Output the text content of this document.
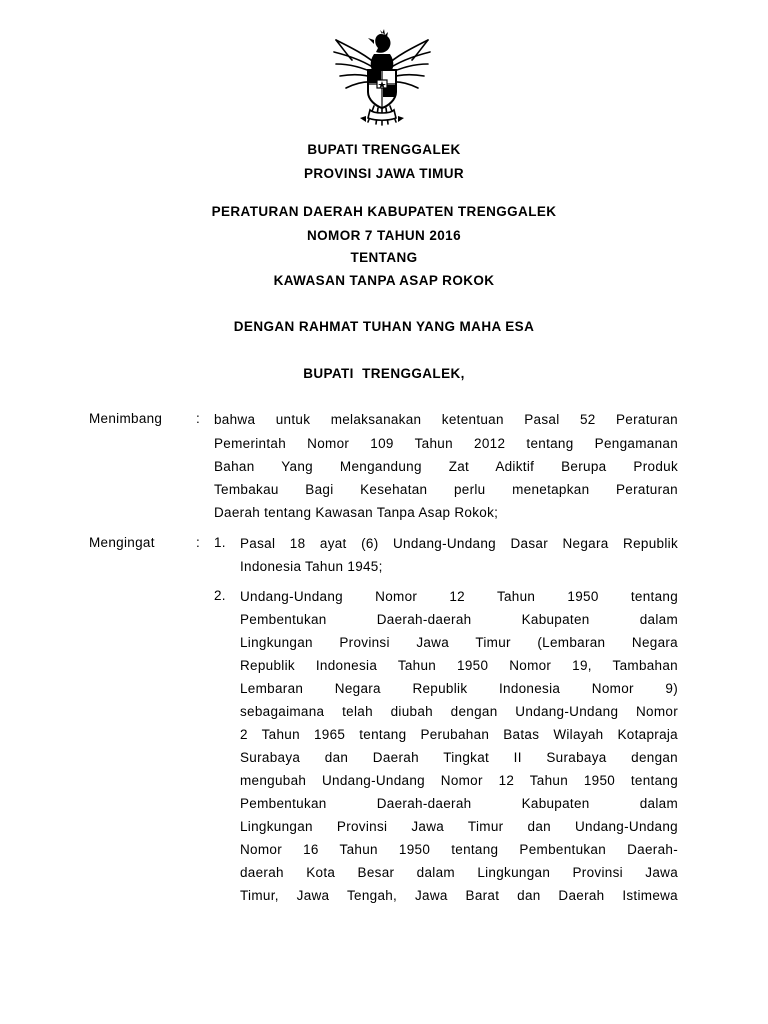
BUPATI TRENGGALEK
PROVINSI JAWA TIMUR
PERATURAN DAERAH KABUPATEN TRENGGALEK
NOMOR 7 TAHUN 2016
TENTANG
KAWASAN TANPA ASAP ROKOK
DENGAN RAHMAT TUHAN YANG MAHA ESA
BUPATI  TRENGGALEK,
Menimbang	: bahwa untuk melaksanakan ketentuan Pasal 52 Peraturan
Pemerintah Nomor 109 Tahun 2012 tentang Pengamanan
Bahan Yang Mengandung Zat Adiktif Berupa Produk
Tembakau Bagi Kesehatan perlu menetapkan Peraturan
Daerah tentang Kawasan Tanpa Asap Rokok;
Mengingat	: 1. Pasal 18 ayat (6) Undang-Undang Dasar Negara Republik
Indonesia Tahun 1945;
2. Undang-Undang Nomor 12 Tahun 1950 tentang
Pembentukan Daerah-daerah Kabupaten dalam
Lingkungan Provinsi Jawa Timur (Lembaran Negara
Republik Indonesia Tahun 1950 Nomor 19, Tambahan
Lembaran Negara Republik Indonesia Nomor 9)
sebagaimana telah diubah dengan Undang-Undang Nomor
2 Tahun 1965 tentang Perubahan Batas Wilayah Kotapraja
Surabaya dan Daerah Tingkat II Surabaya dengan
mengubah Undang-Undang Nomor 12 Tahun 1950 tentang
Pembentukan Daerah-daerah Kabupaten dalam
Lingkungan Provinsi Jawa Timur dan Undang-Undang
Nomor 16 Tahun 1950 tentang Pembentukan Daerah-
daerah Kota Besar dalam Lingkungan Provinsi Jawa
Timur, Jawa Tengah, Jawa Barat dan Daerah Istimewa
